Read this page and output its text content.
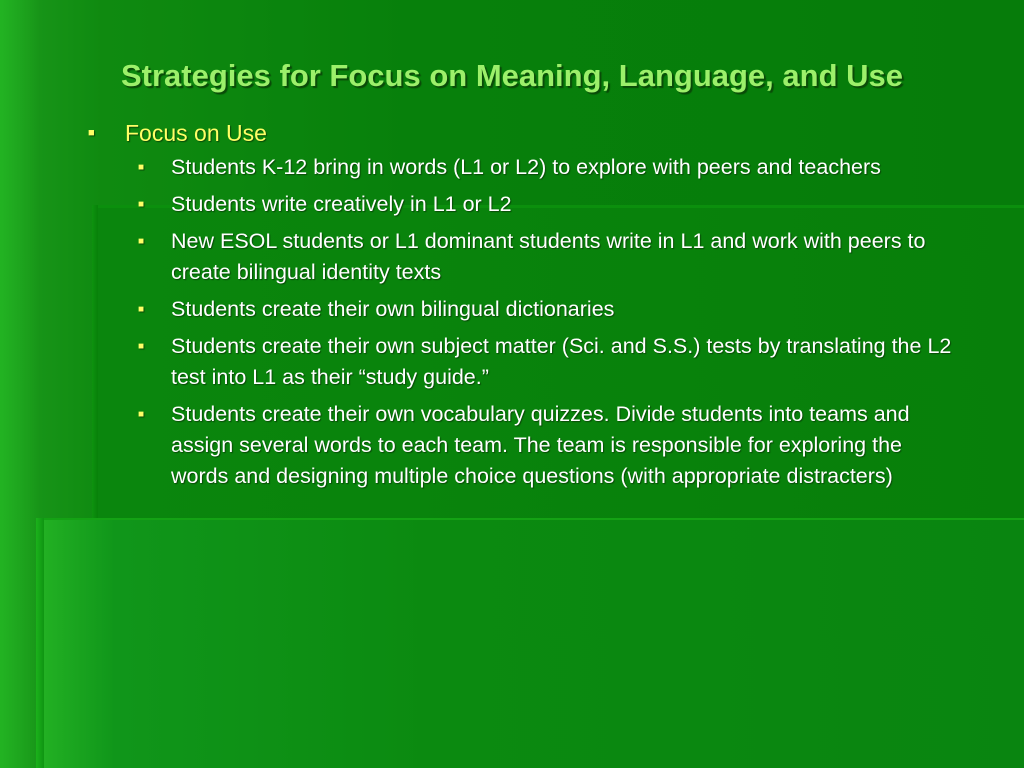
Strategies for Focus on Meaning, Language, and Use
■	Focus on Use
■	Students K-12 bring in words (L1 or L2) to explore with peers and teachers
■	Students write creatively in L1 or L2
■	New ESOL students or L1 dominant students write in L1 and work with peers to create bilingual identity texts
■	Students create their own bilingual dictionaries
■	Students create their own subject matter (Sci. and S.S.) tests by translating the L2 test into L1 as their “study guide.”
■	Students create their own vocabulary quizzes. Divide students into teams and assign several words to each team. The team is responsible for exploring the words and designing multiple choice questions (with appropriate distracters)
